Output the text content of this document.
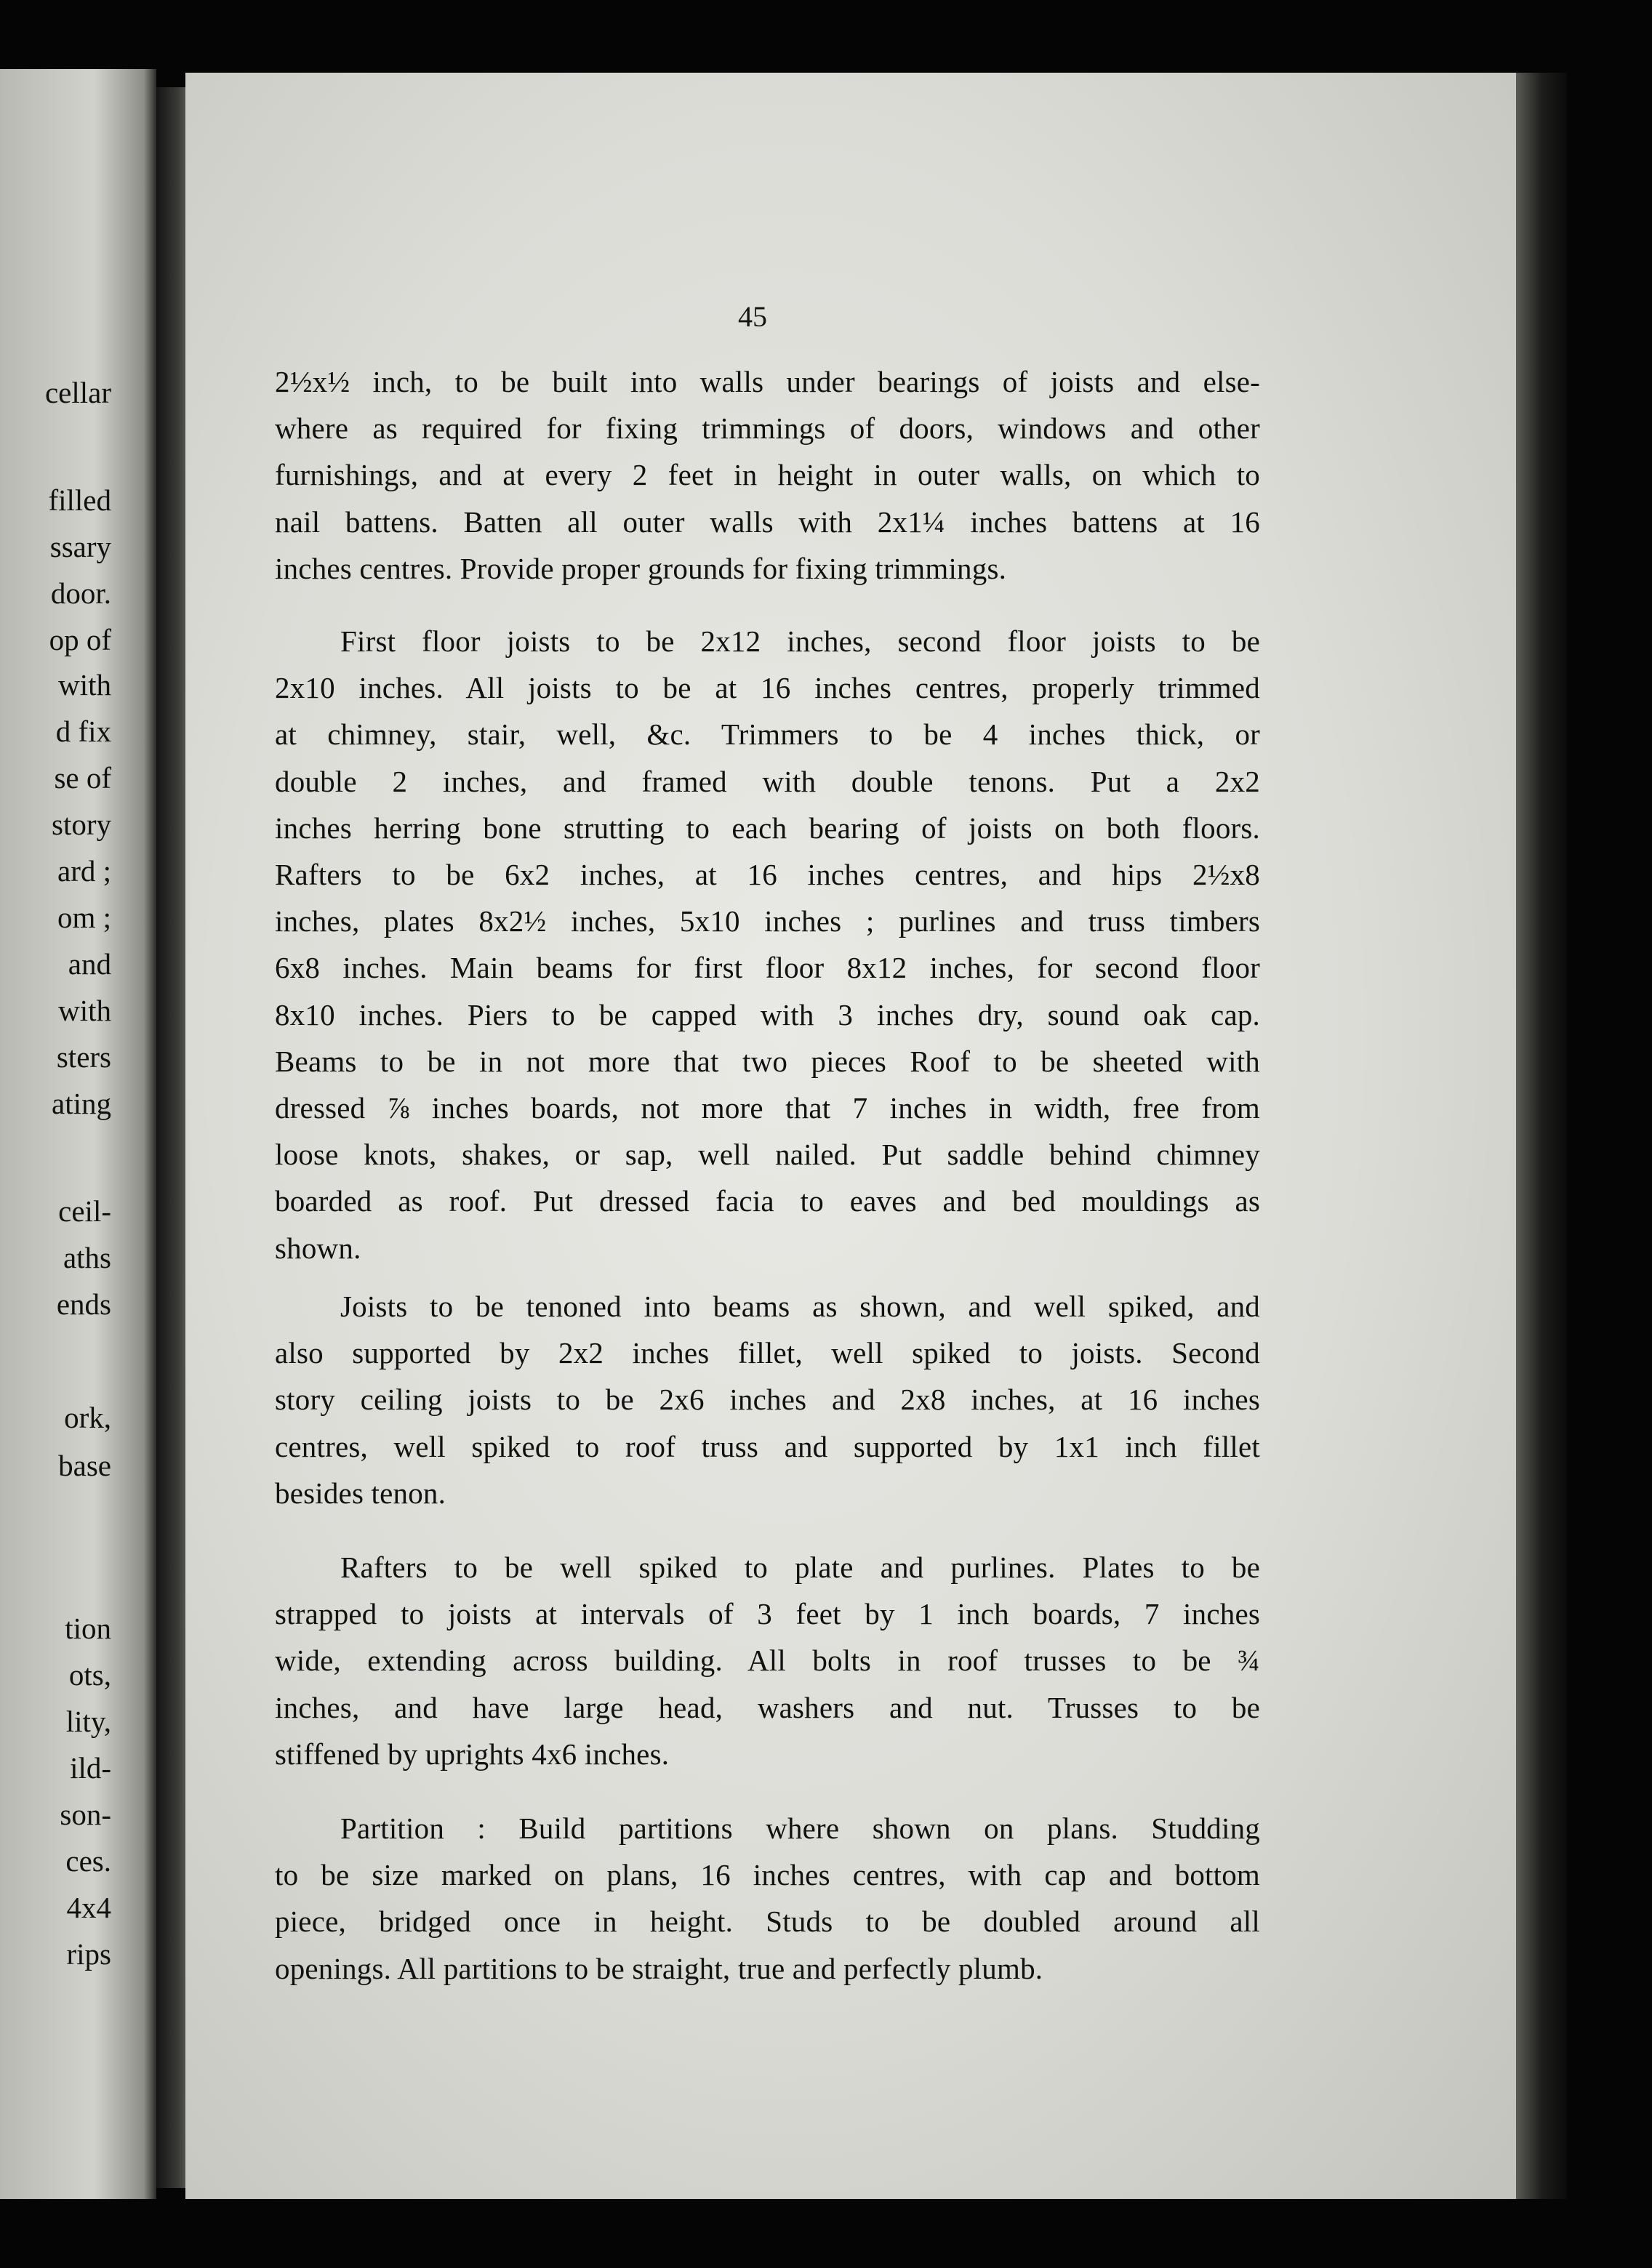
cellar
filled
ssary
door.
op of
with
d fix
se of
story
ard ;
om ;
and
with
sters
ating
ceil-
aths
ends
ork,
base
tion
ots,
lity,
ild-
son-
ces.
4x4
rips
45
2½x½ inch, to be built into walls under bearings of joists and else-
where as required for fixing trimmings of doors, windows and other
furnishings, and at every 2 feet in height in outer walls, on which to
nail battens. Batten all outer walls with 2x1¼ inches battens at 16
inches centres. Provide proper grounds for fixing trimmings.
First floor joists to be 2x12 inches, second floor joists to be
2x10 inches. All joists to be at 16 inches centres, properly trimmed
at chimney, stair, well, &c. Trimmers to be 4 inches thick, or
double 2 inches, and framed with double tenons. Put a 2x2
inches herring bone strutting to each bearing of joists on both floors.
Rafters to be 6x2 inches, at 16 inches centres, and hips 2½x8
inches, plates 8x2½ inches, 5x10 inches ; purlines and truss timbers
6x8 inches. Main beams for first floor 8x12 inches, for second floor
8x10 inches. Piers to be capped with 3 inches dry, sound oak cap.
Beams to be in not more that two pieces Roof to be sheeted with
dressed ⅞ inches boards, not more that 7 inches in width, free from
loose knots, shakes, or sap, well nailed. Put saddle behind chimney
boarded as roof. Put dressed facia to eaves and bed mouldings as
shown.
Joists to be tenoned into beams as shown, and well spiked, and
also supported by 2x2 inches fillet, well spiked to joists. Second
story ceiling joists to be 2x6 inches and 2x8 inches, at 16 inches
centres, well spiked to roof truss and supported by 1x1 inch fillet
besides tenon.
Rafters to be well spiked to plate and purlines. Plates to be
strapped to joists at intervals of 3 feet by 1 inch boards, 7 inches
wide, extending across building. All bolts in roof trusses to be ¾
inches, and have large head, washers and nut. Trusses to be
stiffened by uprights 4x6 inches.
Partition : Build partitions where shown on plans. Studding
to be size marked on plans, 16 inches centres, with cap and bottom
piece, bridged once in height. Studs to be doubled around all
openings. All partitions to be straight, true and perfectly plumb.
